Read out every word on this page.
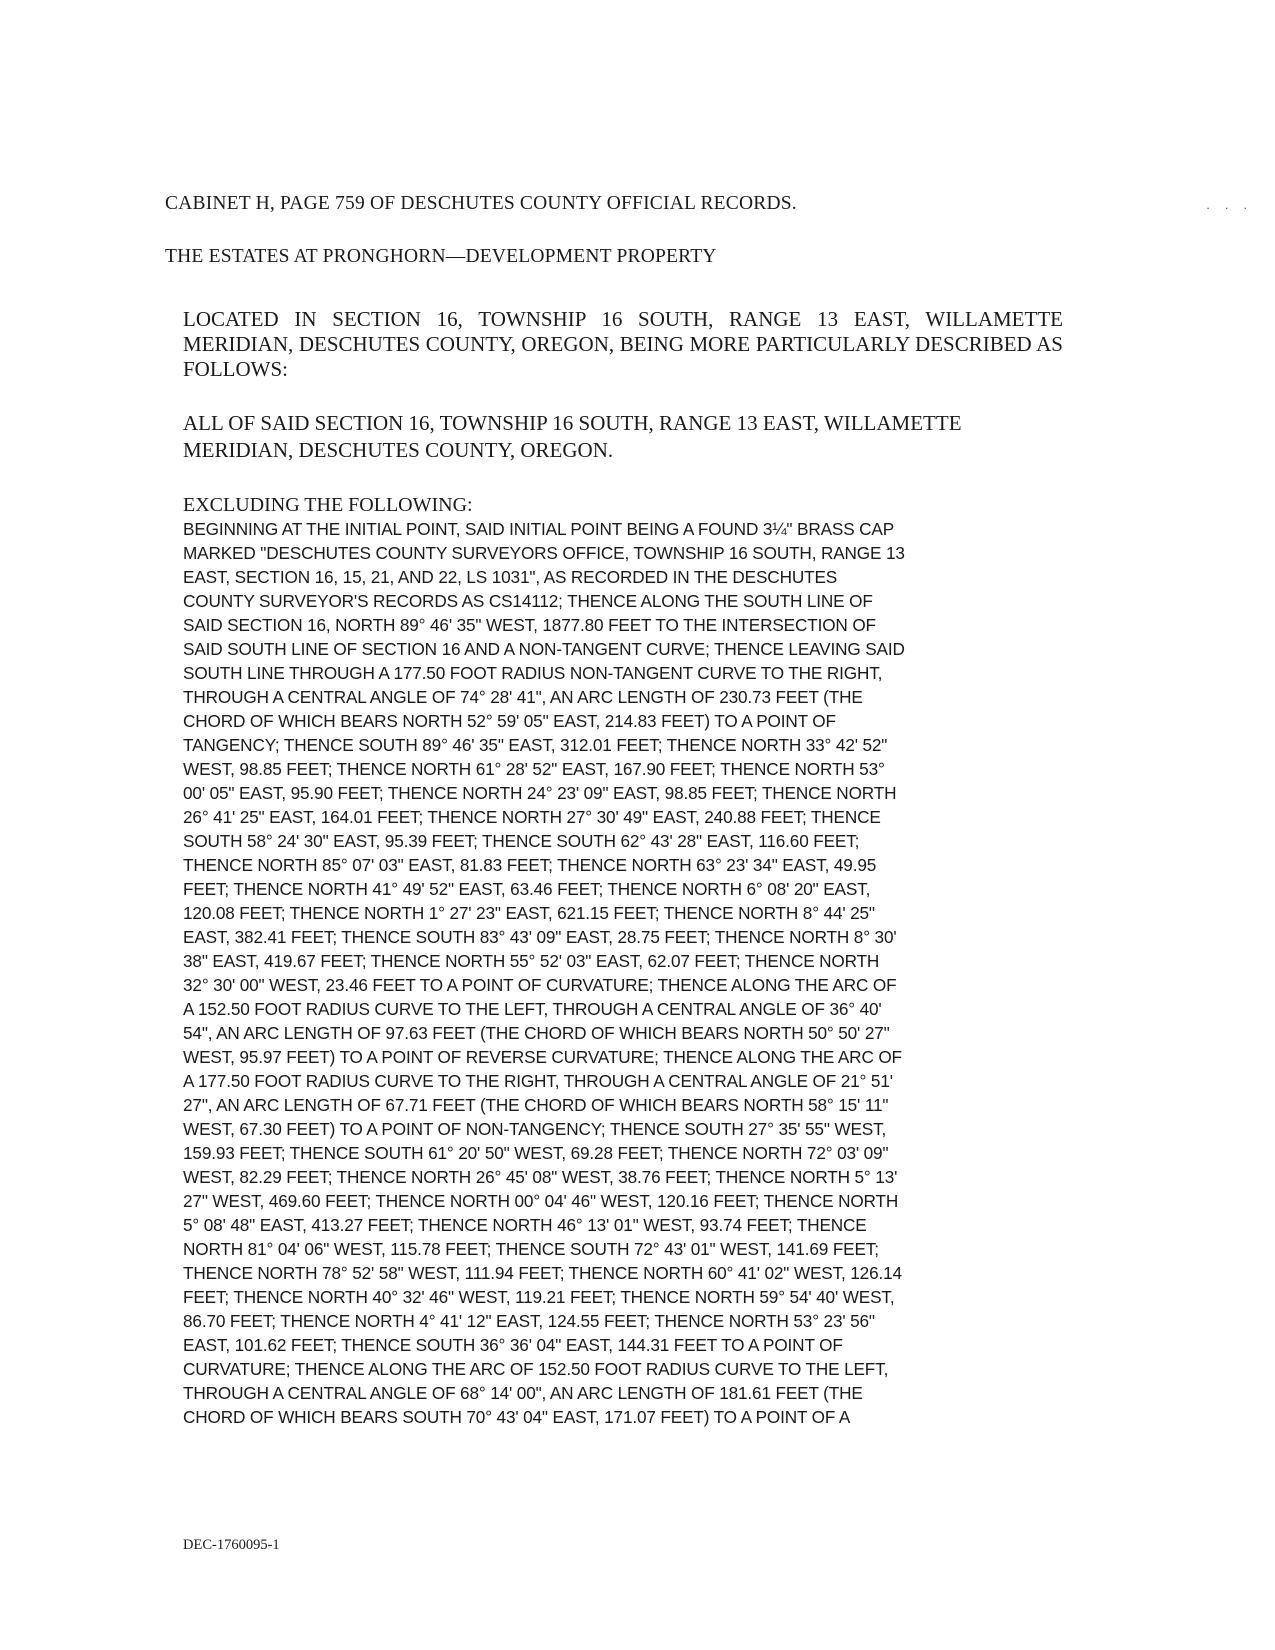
CABINET H, PAGE 759 OF DESCHUTES COUNTY OFFICIAL RECORDS.	. . .
THE ESTATES AT PRONGHORN—DEVELOPMENT PROPERTY
LOCATED IN SECTION 16, TOWNSHIP 16 SOUTH, RANGE 13 EAST, WILLAMETTE MERIDIAN, DESCHUTES COUNTY, OREGON, BEING MORE PARTICULARLY DESCRIBED AS FOLLOWS:
ALL OF SAID SECTION 16, TOWNSHIP 16 SOUTH, RANGE 13 EAST, WILLAMETTE
MERIDIAN, DESCHUTES COUNTY, OREGON.
EXCLUDING THE FOLLOWING:
BEGINNING AT THE INITIAL POINT, SAID INITIAL POINT BEING A FOUND 3¼" BRASS CAP
MARKED "DESCHUTES COUNTY SURVEYORS OFFICE, TOWNSHIP 16 SOUTH, RANGE 13
EAST, SECTION 16, 15, 21, AND 22, LS 1031", AS RECORDED IN THE DESCHUTES
COUNTY SURVEYOR'S RECORDS AS CS14112; THENCE ALONG THE SOUTH LINE OF
SAID SECTION 16, NORTH 89° 46' 35" WEST, 1877.80 FEET TO THE INTERSECTION OF
SAID SOUTH LINE OF SECTION 16 AND A NON-TANGENT CURVE; THENCE LEAVING SAID
SOUTH LINE THROUGH A 177.50 FOOT RADIUS NON-TANGENT CURVE TO THE RIGHT,
THROUGH A CENTRAL ANGLE OF 74° 28' 41", AN ARC LENGTH OF 230.73 FEET (THE
CHORD OF WHICH BEARS NORTH 52° 59' 05" EAST, 214.83 FEET) TO A POINT OF
TANGENCY; THENCE SOUTH 89° 46' 35" EAST, 312.01 FEET; THENCE NORTH 33° 42' 52"
WEST, 98.85 FEET; THENCE NORTH 61° 28' 52" EAST, 167.90 FEET; THENCE NORTH 53°
00' 05" EAST, 95.90 FEET; THENCE NORTH 24° 23' 09" EAST, 98.85 FEET; THENCE NORTH
26° 41' 25" EAST, 164.01 FEET; THENCE NORTH 27° 30' 49" EAST, 240.88 FEET; THENCE
SOUTH 58° 24' 30" EAST, 95.39 FEET; THENCE SOUTH 62° 43' 28" EAST, 116.60 FEET;
THENCE NORTH 85° 07' 03" EAST, 81.83 FEET; THENCE NORTH 63° 23' 34" EAST, 49.95
FEET; THENCE NORTH 41° 49' 52" EAST, 63.46 FEET; THENCE NORTH 6° 08' 20" EAST,
120.08 FEET; THENCE NORTH 1° 27' 23" EAST, 621.15 FEET; THENCE NORTH 8° 44' 25"
EAST, 382.41 FEET; THENCE SOUTH 83° 43' 09" EAST, 28.75 FEET; THENCE NORTH 8° 30'
38" EAST, 419.67 FEET; THENCE NORTH 55° 52' 03" EAST, 62.07 FEET; THENCE NORTH
32° 30' 00" WEST, 23.46 FEET TO A POINT OF CURVATURE; THENCE ALONG THE ARC OF
A 152.50 FOOT RADIUS CURVE TO THE LEFT, THROUGH A CENTRAL ANGLE OF 36° 40'
54", AN ARC LENGTH OF 97.63 FEET (THE CHORD OF WHICH BEARS NORTH 50° 50' 27"
WEST, 95.97 FEET) TO A POINT OF REVERSE CURVATURE; THENCE ALONG THE ARC OF
A 177.50 FOOT RADIUS CURVE TO THE RIGHT, THROUGH A CENTRAL ANGLE OF 21° 51'
27", AN ARC LENGTH OF 67.71 FEET (THE CHORD OF WHICH BEARS NORTH 58° 15' 11"
WEST, 67.30 FEET) TO A POINT OF NON-TANGENCY; THENCE SOUTH 27° 35' 55" WEST,
159.93 FEET; THENCE SOUTH 61° 20' 50" WEST, 69.28 FEET; THENCE NORTH 72° 03' 09"
WEST, 82.29 FEET; THENCE NORTH 26° 45' 08" WEST, 38.76 FEET; THENCE NORTH 5° 13'
27" WEST, 469.60 FEET; THENCE NORTH 00° 04' 46" WEST, 120.16 FEET; THENCE NORTH
5° 08' 48" EAST, 413.27 FEET; THENCE NORTH 46° 13' 01" WEST, 93.74 FEET; THENCE
NORTH 81° 04' 06" WEST, 115.78 FEET; THENCE SOUTH 72° 43' 01" WEST, 141.69 FEET;
THENCE NORTH 78° 52' 58" WEST, 111.94 FEET; THENCE NORTH 60° 41' 02" WEST, 126.14
FEET; THENCE NORTH 40° 32' 46" WEST, 119.21 FEET; THENCE NORTH 59° 54' 40' WEST,
86.70 FEET; THENCE NORTH 4° 41' 12" EAST, 124.55 FEET; THENCE NORTH 53° 23' 56"
EAST, 101.62 FEET; THENCE SOUTH 36° 36' 04" EAST, 144.31 FEET TO A POINT OF
CURVATURE; THENCE ALONG THE ARC OF 152.50 FOOT RADIUS CURVE TO THE LEFT,
THROUGH A CENTRAL ANGLE OF 68° 14' 00", AN ARC LENGTH OF 181.61 FEET (THE
CHORD OF WHICH BEARS SOUTH 70° 43' 04" EAST, 171.07 FEET) TO A POINT OF A
DEC-1760095-1
